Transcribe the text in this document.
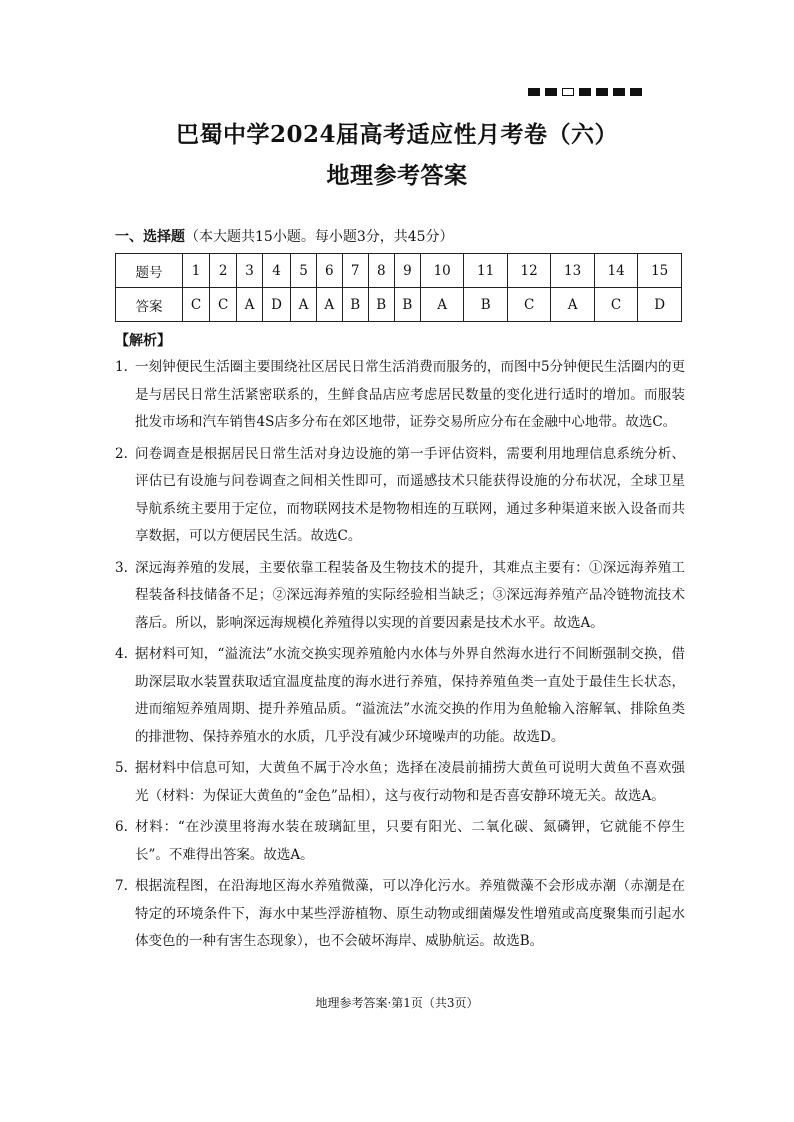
巴蜀中学2024届高考适应性月考卷（六）
地理参考答案
一、选择题（本大题共15小题。每小题3分，共45分）
题号	1	2	3	4	5	6	7	8	9	10	11	12	13	14	15
答案	C	C	A	D	A	A	B	B	B	A	B	C	A	C	D
【解析】
1. 一刻钟便民生活圈主要围绕社区居民日常生活消费而服务的，而图中5分钟便民生活圈内的更是与居民日常生活紧密联系的，生鲜食品店应考虑居民数量的变化进行适时的增加。而服装批发市场和汽车销售4S店多分布在郊区地带，证券交易所应分布在金融中心地带。故选C。
2. 问卷调查是根据居民日常生活对身边设施的第一手评估资料，需要利用地理信息系统分析、评估已有设施与问卷调查之间相关性即可，而遥感技术只能获得设施的分布状况，全球卫星导航系统主要用于定位，而物联网技术是物物相连的互联网，通过多种渠道来嵌入设备而共享数据，可以方便居民生活。故选C。
3. 深远海养殖的发展，主要依靠工程装备及生物技术的提升，其难点主要有：①深远海养殖工程装备科技储备不足；②深远海养殖的实际经验相当缺乏；③深远海养殖产品冷链物流技术落后。所以，影响深远海规模化养殖得以实现的首要因素是技术水平。故选A。
4. 据材料可知，“溢流法”水流交换实现养殖舱内水体与外界自然海水进行不间断强制交换，借助深层取水装置获取适宜温度盐度的海水进行养殖，保持养殖鱼类一直处于最佳生长状态，进而缩短养殖周期、提升养殖品质。“溢流法”水流交换的作用为鱼舱输入溶解氧、排除鱼类的排泄物、保持养殖水的水质，几乎没有减少环境噪声的功能。故选D。
5. 据材料中信息可知，大黄鱼不属于冷水鱼；选择在凌晨前捕捞大黄鱼可说明大黄鱼不喜欢强光（材料：为保证大黄鱼的“金色”品相），这与夜行动物和是否喜安静环境无关。故选A。
6. 材料：“在沙漠里将海水装在玻璃缸里，只要有阳光、二氧化碳、氮磷钾，它就能不停生长”。不难得出答案。故选A。
7. 根据流程图，在沿海地区海水养殖微藻，可以净化污水。养殖微藻不会形成赤潮（赤潮是在特定的环境条件下，海水中某些浮游植物、原生动物或细菌爆发性增殖或高度聚集而引起水体变色的一种有害生态现象），也不会破坏海岸、威胁航运。故选B。
地理参考答案·第1页（共3页）
